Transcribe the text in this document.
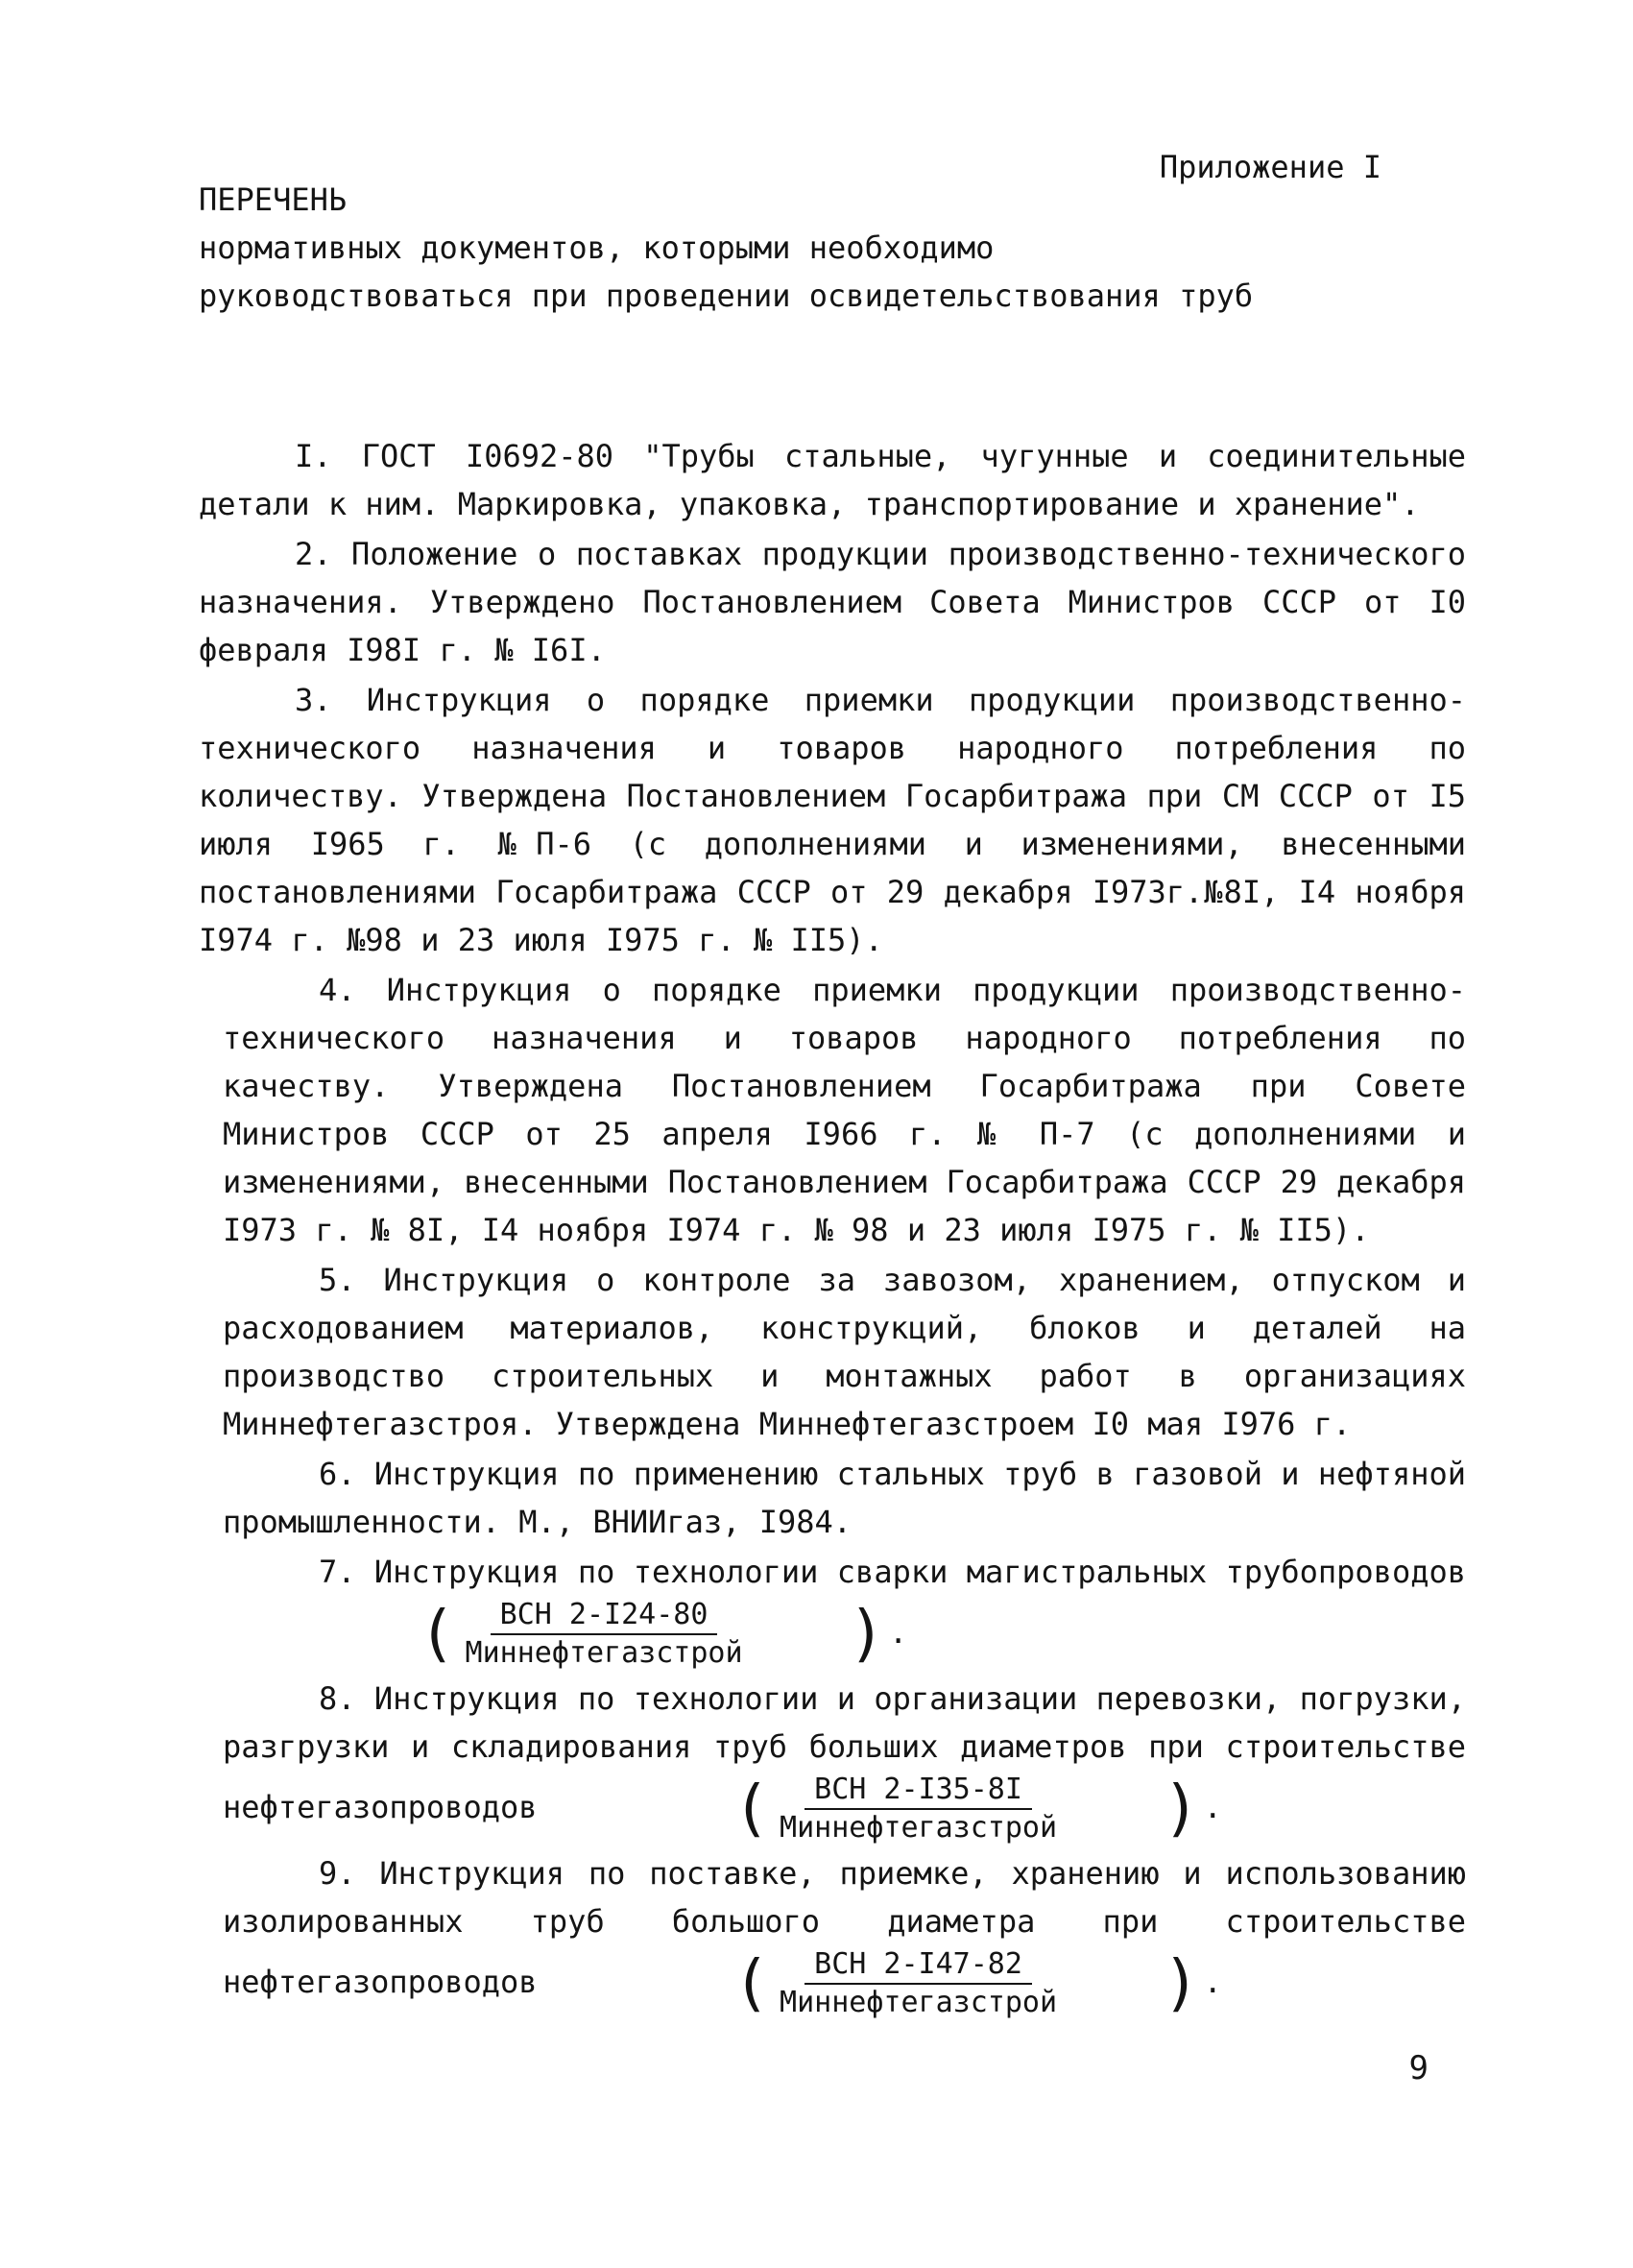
Приложение I
ПЕРЕЧЕНЬ
нормативных документов, которыми необходимо руководствоваться при проведении освидетельствования труб

I. ГОСТ I0692-80 "Трубы стальные, чугунные и соединительные детали к ним. Маркировка, упаковка, транспортирование и хранение".

2. Положение о поставках продукции производственно-технического назначения. Утверждено Постановлением Совета Министров СССР от I0 февраля I98I г. № I6I.

3. Инструкция о порядке приемки продукции производственно-технического назначения и товаров народного потребления по количеству. Утверждена Постановлением Госарбитража при СМ СССР от I5 июля I965 г. №П-6 (с дополнениями и изменениями, внесенными постановлениями Госарбитража СССР от 29 декабря I973г.№8I, I4 ноября I974 г. №98 и 23 июля I975 г. № II5).

4. Инструкция о порядке приемки продукции производственно-технического назначения и товаров народного потребления по качеству. Утверждена Постановлением Госарбитража при Совете Министров СССР от 25 апреля I966 г. № П-7 (с дополнениями и изменениями, внесенными Постановлением Госарбитража СССР 29 декабря I973 г. № 8I, I4 ноября I974 г. № 98 и 23 июля I975 г. № II5).

5. Инструкция о контроле за завозом, хранением, отпуском и расходованием материалов, конструкций, блоков и деталей на производство строительных и монтажных работ в организациях Миннефтегазстроя. Утверждена Миннефтегазстроем I0 мая I976 г.

6. Инструкция по применению стальных труб в газовой и нефтяной промышленности. М., ВНИИгаз, I984.

7. Инструкция по технологии сварки магистральных трубопроводов( $\frac{\text{ВСН 2-I24-80}}{\text{Миннефтегазстрой}}$ ) .

8. Инструкция по технологии и организации перевозки, погрузки, разгрузки и складирования труб больших диаметров при строительстве нефтегазопроводов	( $\frac{\text{ВСН 2-I35-8I}}{\text{Миннефтегазстрой}}$ ) .

9. Инструкция по поставке, приемке, хранению и использованию изолированных труб большого диаметра при строительстве нефтегазопроводов	( $\frac{\text{ВСН 2-I47-82}}{\text{Миннефтегазстрой}}$ ) .

9
